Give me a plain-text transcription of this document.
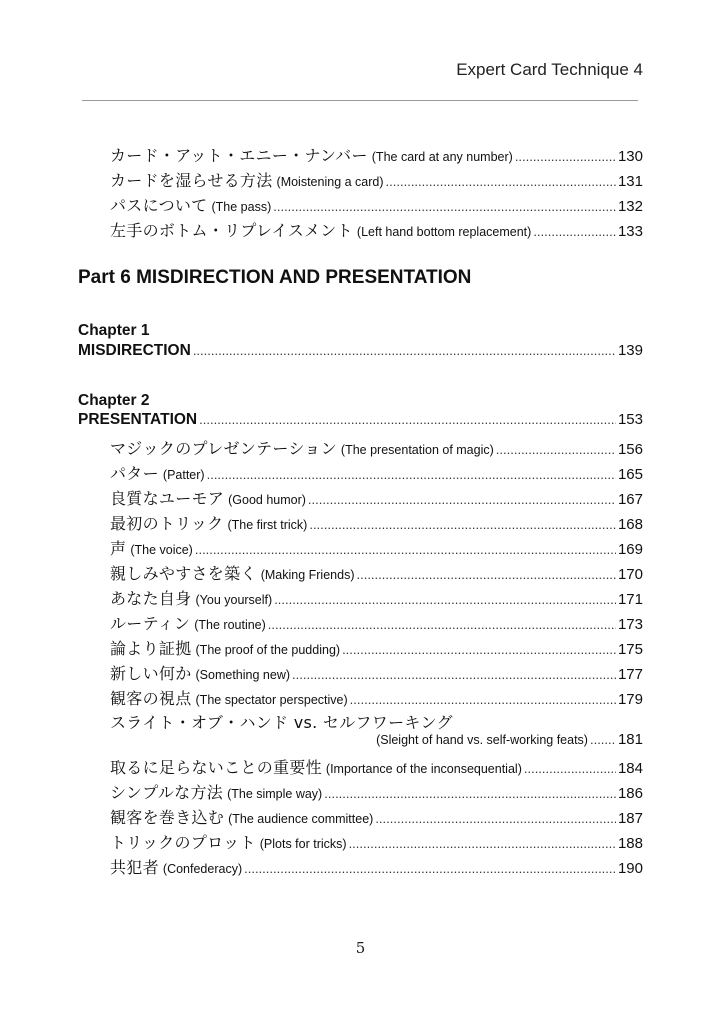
Expert Card Technique 4
カード・アット・エニー・ナンバー (The card at any number) .....	130
カードを湿らせる方法 (Moistening a card) .....	131
パスについて (The pass) .....	132
左手のボトム・リプレイスメント (Left hand bottom replacement) .....	133
Part 6 MISDIRECTION AND PRESENTATION
Chapter 1
MISDIRECTION .....	139
Chapter 2
PRESENTATION .....	153
マジックのプレゼンテーション (The presentation of magic) .....	156
パター (Patter) .....	165
良質なユーモア (Good humor) .....	167
最初のトリック (The first trick) .....	168
声 (The voice) .....	169
親しみやすさを築く (Making Friends) .....	170
あなた自身 (You yourself) .....	171
ルーティン (The routine) .....	173
論より証拠 (The proof of the pudding) .....	175
新しい何か (Something new) .....	177
観客の視点 (The spectator perspective) .....	179
スライト・オブ・ハンド vs. セルフワーキング
(Sleight of hand vs. self-working feats) ..... 181
取るに足らないことの重要性 (Importance of the inconsequential) .....	184
シンプルな方法 (The simple way) .....	186
観客を巻き込む (The audience committee) .....	187
トリックのプロット (Plots for tricks) .....	188
共犯者 (Confederacy) .....	190
5
